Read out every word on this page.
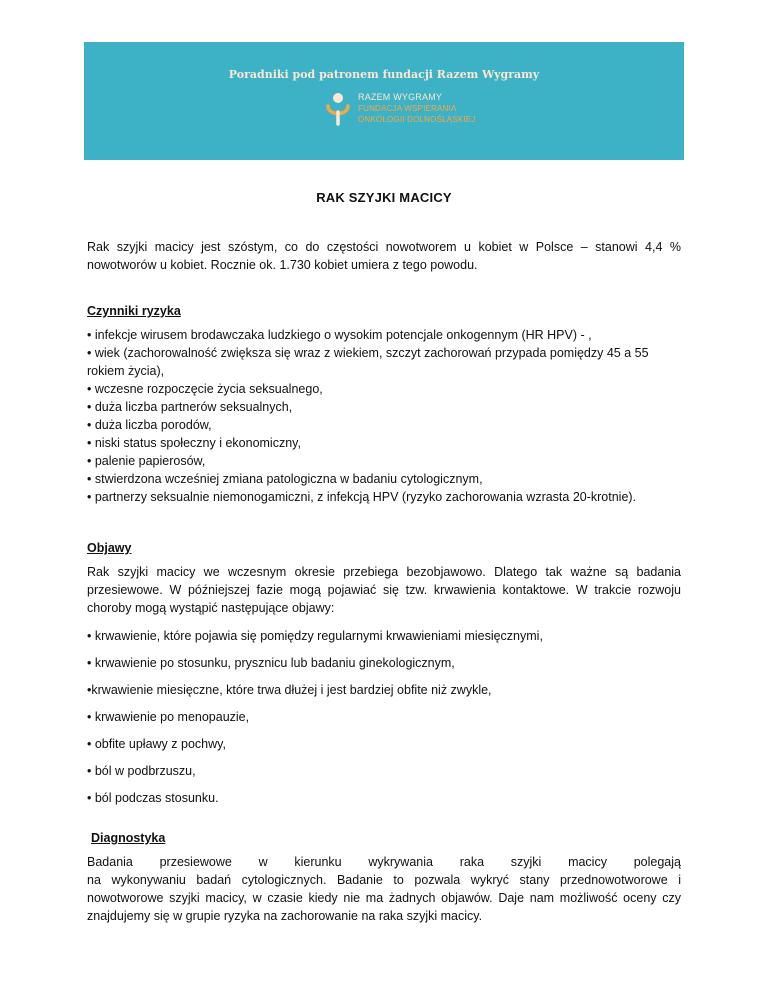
Poradniki pod patronem fundacji Razem Wygramy
RAZEM WYGRAMY
FUNDACJA WSPIERANIA
ONKOLOGII DOLNOŚLĄSKIEJ
RAK SZYJKI MACICY
Rak szyjki macicy jest szóstym, co do częstości nowotworem u kobiet w Polsce – stanowi 4,4 % nowotworów u kobiet. Rocznie ok. 1.730 kobiet umiera z tego powodu.
Czynniki ryzyka
• infekcje wirusem brodawczaka ludzkiego o wysokim potencjale onkogennym (HR HPV) - ,
• wiek (zachorowalność zwiększa się wraz z wiekiem, szczyt zachorowań przypada pomiędzy 45 a 55 rokiem życia),
• wczesne rozpoczęcie życia seksualnego,
• duża liczba partnerów seksualnych,
• duża liczba porodów,
• niski status społeczny i ekonomiczny,
• palenie papierosów,
• stwierdzona wcześniej zmiana patologiczna w badaniu cytologicznym,
• partnerzy seksualnie niemonogamiczni, z infekcją HPV (ryzyko zachorowania wzrasta 20-krotnie).
Objawy
Rak szyjki macicy we wczesnym okresie przebiega bezobjawowo. Dlatego tak ważne są badania przesiewowe. W późniejszej fazie mogą pojawiać się tzw. krwawienia kontaktowe. W trakcie rozwoju choroby mogą wystąpić następujące objawy:
• krwawienie, które pojawia się pomiędzy regularnymi krwawieniami miesięcznymi,
• krwawienie po stosunku, prysznicu lub badaniu ginekologicznym,
•krwawienie miesięczne, które trwa dłużej i jest bardziej obfite niż zwykle,
• krwawienie po menopauzie,
• obfite upławy z pochwy,
• ból w podbrzuszu,
• ból podczas stosunku.
Diagnostyka
Badania przesiewowe w kierunku wykrywania raka szyjki macicy polegają
na wykonywaniu badań cytologicznych. Badanie to pozwala wykryć stany przednowotworowe i nowotworowe szyjki macicy, w czasie kiedy nie ma żadnych objawów. Daje nam możliwość oceny czy znajdujemy się w grupie ryzyka na zachorowanie na raka szyjki macicy.
